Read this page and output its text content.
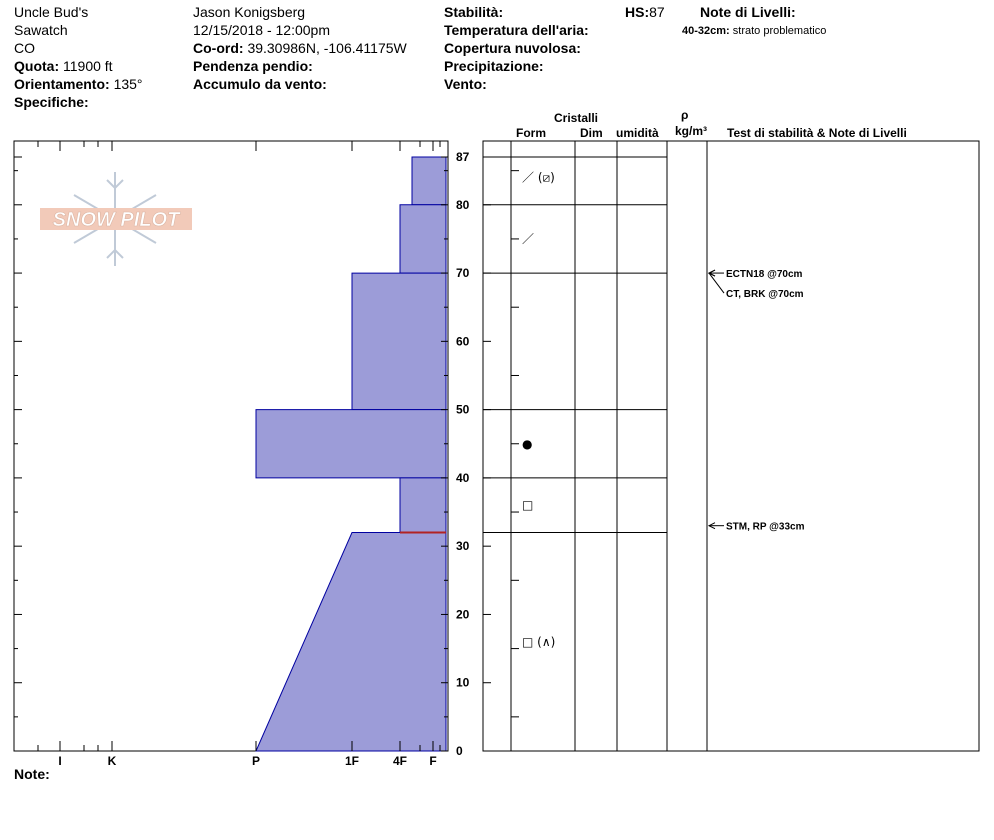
Uncle Bud's
Sawatch
CO
Quota: 11900 ft
Orientamento: 135°
Specifiche:
Jason Konigsberg
12/15/2018 - 12:00pm
Co-ord: 39.30986N, -106.41175W
Pendenza pendio:
Accumulo da vento:
Stabilità:
Temperatura dell'aria:
Copertura nuvolosa:
Precipitazione:
Vento:
HS:87	Note di Livelli:
40-32cm: strato problematico
Cristalli
Form	Dim umidità
ρ
kg/m³ Test di stabilità & Note di Livelli
Note:
SNOW PILOT
87
80
70
60
50
40
30
20
10
0
I	K	P	1F	4F F
／ (⧄)
／
●
□
□ (∧)
ECTN18 @70cm
CT, BRK @70cm
STM, RP @33cm
